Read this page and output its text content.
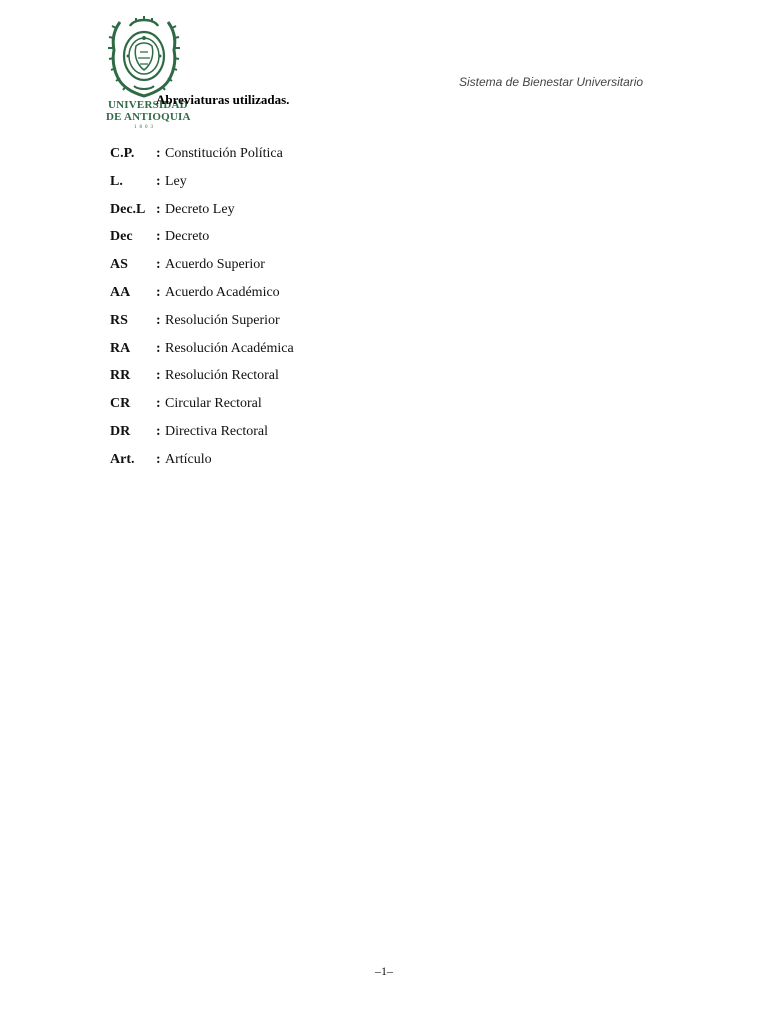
UNIVERSIDAD
DE ANTIOQUIA
1803
Sistema de Bienestar Universitario
Abreviaturas utilizadas.
C.P.	: Constitución Política
L.	: Ley
Dec.L : Decreto Ley
Dec	: Decreto
AS	: Acuerdo Superior
AA	: Acuerdo Académico
RS	: Resolución Superior
RA	: Resolución Académica
RR	: Resolución Rectoral
CR	: Circular Rectoral
DR	: Directiva Rectoral
Art.	: Artículo
–1–
